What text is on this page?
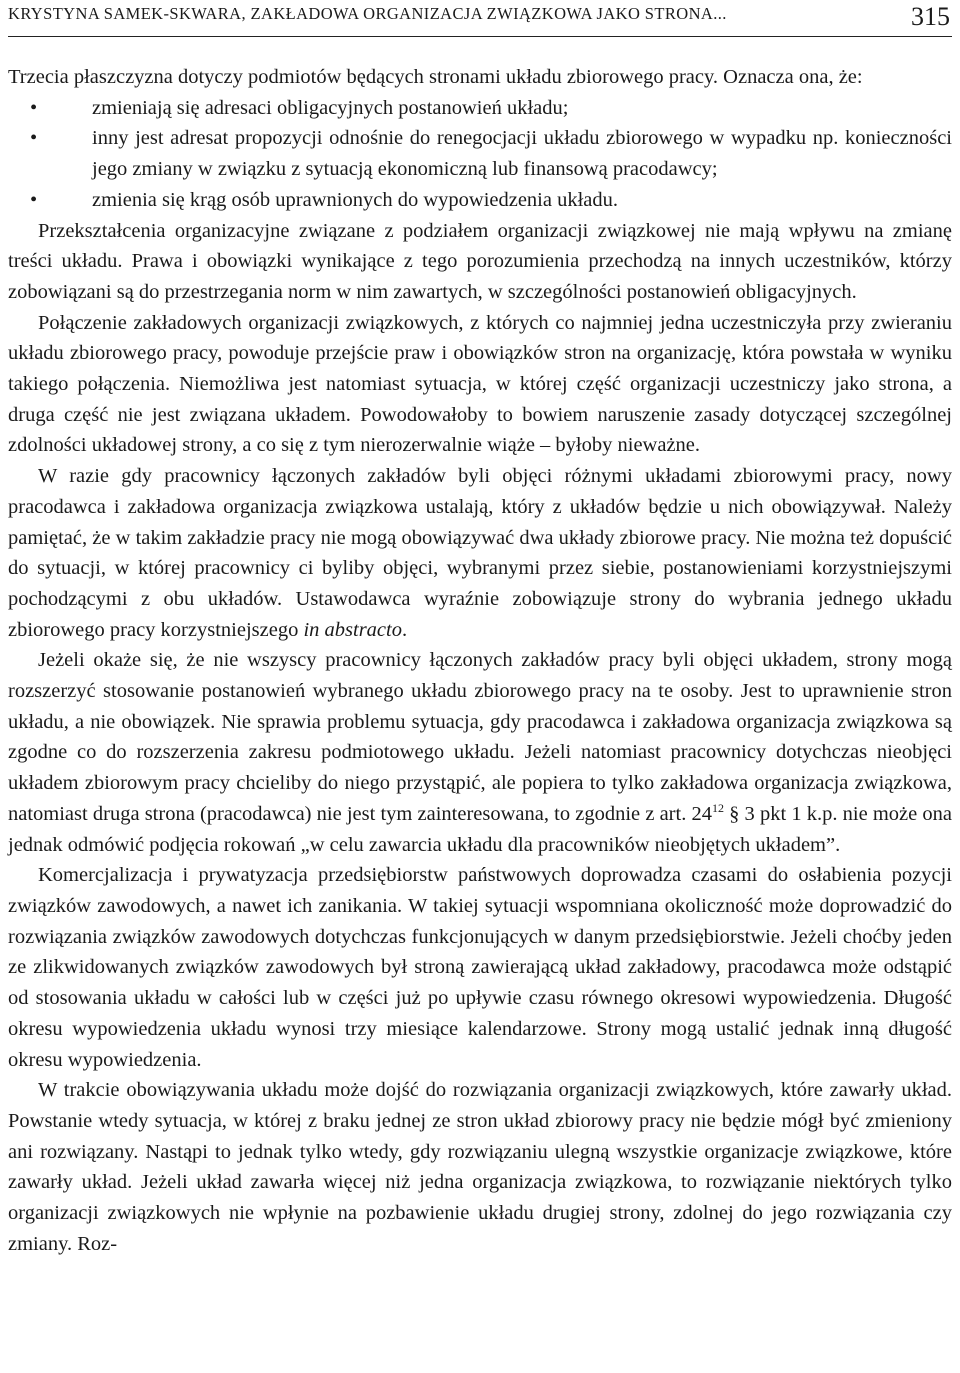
KRYSTYNA SAMEK-SKWARA, ZAKŁADOWA ORGANIZACJA ZWIĄZKOWA JAKO STRONA...	315

Trzecia płaszczyzna dotyczy podmiotów będących stronami układu zbiorowego pracy. Oznacza ona, że:

• zmieniają się adresaci obligacyjnych postanowień układu;
• inny jest adresat propozycji odnośnie do renegocjacji układu zbiorowego w wypadku np. konieczności jego zmiany w związku z sytuacją ekonomiczną lub finansową pracodawcy;
• zmienia się krąg osób uprawnionych do wypowiedzenia układu.

Przekształcenia organizacyjne związane z podziałem organizacji związkowej nie mają wpływu na zmianę treści układu. Prawa i obowiązki wynikające z tego porozumienia przechodzą na innych uczestników, którzy zobowiązani są do przestrzegania norm w nim zawartych, w szczególności postanowień obligacyjnych.

Połączenie zakładowych organizacji związkowych, z których co najmniej jedna uczestniczyła przy zwieraniu układu zbiorowego pracy, powoduje przejście praw i obowiązków stron na organizację, która powstała w wyniku takiego połączenia. Niemożliwa jest natomiast sytuacja, w której część organizacji uczestniczy jako strona, a druga część nie jest związana układem. Powodowałoby to bowiem naruszenie zasady dotyczącej szczególnej zdolności układowej strony, a co się z tym nierozerwalnie wiąże – byłoby nieważne.

W razie gdy pracownicy łączonych zakładów byli objęci różnymi układami zbiorowymi pracy, nowy pracodawca i zakładowa organizacja związkowa ustalają, który z układów będzie u nich obowiązywał. Należy pamiętać, że w takim zakładzie pracy nie mogą obowiązywać dwa układy zbiorowe pracy. Nie można też dopuścić do sytuacji, w której pracownicy ci byliby objęci, wybranymi przez siebie, postanowieniami korzystniejszymi pochodzącymi z obu układów. Ustawodawca wyraźnie zobowiązuje strony do wybrania jednego układu zbiorowego pracy korzystniejszego in abstracto.

Jeżeli okaże się, że nie wszyscy pracownicy łączonych zakładów pracy byli objęci układem, strony mogą rozszerzyć stosowanie postanowień wybranego układu zbiorowego pracy na te osoby. Jest to uprawnienie stron układu, a nie obowiązek. Nie sprawia problemu sytuacja, gdy pracodawca i zakładowa organizacja związkowa są zgodne co do rozszerzenia zakresu podmiotowego układu. Jeżeli natomiast pracownicy dotychczas nieobjęci układem zbiorowym pracy chcieliby do niego przystąpić, ale popiera to tylko zakładowa organizacja związkowa, natomiast druga strona (pracodawca) nie jest tym zainteresowana, to zgodnie z art. $24^{12}$ § 3 pkt 1 k.p. nie może ona jednak odmówić podjęcia rokowań „w celu zawarcia układu dla pracowników nieobjętych układem”.

Komercjalizacja i prywatyzacja przedsiębiorstw państwowych doprowadza czasami do osłabienia pozycji związków zawodowych, a nawet ich zanikania. W takiej sytuacji wspomniana okoliczność może doprowadzić do rozwiązania związków zawodowych dotychczas funkcjonujących w danym przedsiębiorstwie. Jeżeli choćby jeden ze zlikwidowanych związków zawodowych był stroną zawierającą układ zakładowy, pracodawca może odstąpić od stosowania układu w całości lub w części już po upływie czasu równego okresowi wypowiedzenia. Długość okresu wypowiedzenia układu wynosi trzy miesiące kalendarzowe. Strony mogą ustalić jednak inną długość okresu wypowiedzenia.

W trakcie obowiązywania układu może dojść do rozwiązania organizacji związkowych, które zawarły układ. Powstanie wtedy sytuacja, w której z braku jednej ze stron układ zbiorowy pracy nie będzie mógł być zmieniony ani rozwiązany. Nastąpi to jednak tylko wtedy, gdy rozwiązaniu ulegną wszystkie organizacje związkowe, które zawarły układ. Jeżeli układ zawarła więcej niż jedna organizacja związkowa, to rozwiązanie niektórych tylko organizacji związkowych nie wpłynie na pozbawienie układu drugiej strony, zdolnej do jego rozwiązania czy zmiany. Roz-
